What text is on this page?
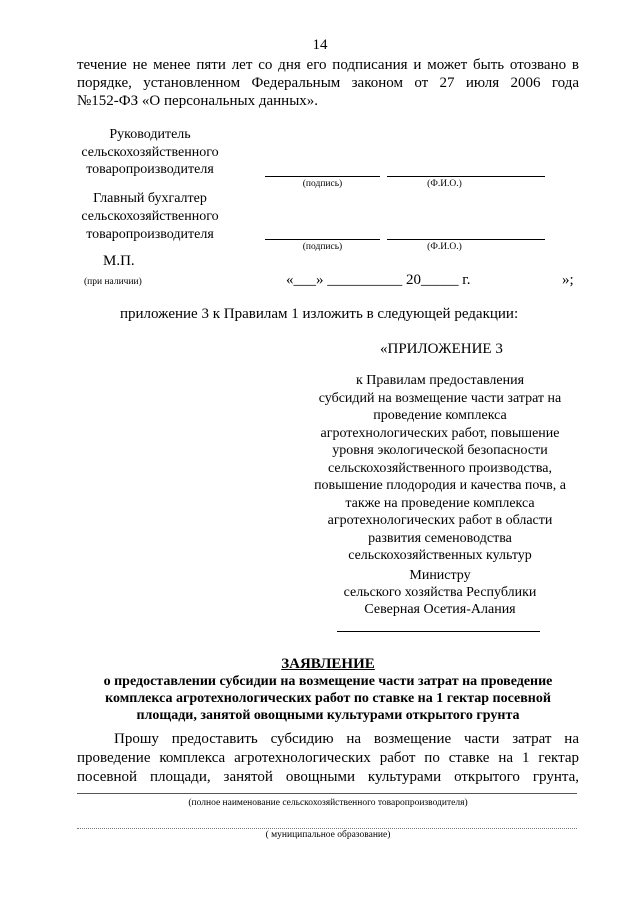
14
течение не менее пяти лет со дня его подписания и может быть отозвано в
порядке, установленном Федеральным законом от 27 июля 2006 года
№152-ФЗ «О персональных данных».
Руководитель
сельскохозяйственного
товаропроизводителя
(подпись)	(Ф.И.О.)
Главный бухгалтер
сельскохозяйственного
товаропроизводителя
(подпись)	(Ф.И.О.)
М.П.
(при наличии)	«___» __________ 20_____ г.	»;
приложение 3 к Правилам 1 изложить в следующей редакции:
«ПРИЛОЖЕНИЕ 3
к Правилам предоставления
субсидий на возмещение части затрат на
проведение комплекса
агротехнологических работ, повышение
уровня экологической безопасности
сельскохозяйственного производства,
повышение плодородия и качества почв, а
также на проведение комплекса
агротехнологических работ в области
развития семеноводства
сельскохозяйственных культур
Министру
сельского хозяйства Республики
Северная Осетия-Алания
ЗАЯВЛЕНИЕ
о предоставлении субсидии на возмещение части затрат на проведение
комплекса агротехнологических работ по ставке на 1 гектар посевной
площади, занятой овощными культурами открытого грунта
Прошу предоставить субсидию на возмещение части затрат на
проведение комплекса агротехнологических работ по ставке на 1 гектар
посевной площади, занятой овощными культурами открытого грунта,
(полное наименование сельскохозяйственного товаропроизводителя)
( муниципальное образование)
